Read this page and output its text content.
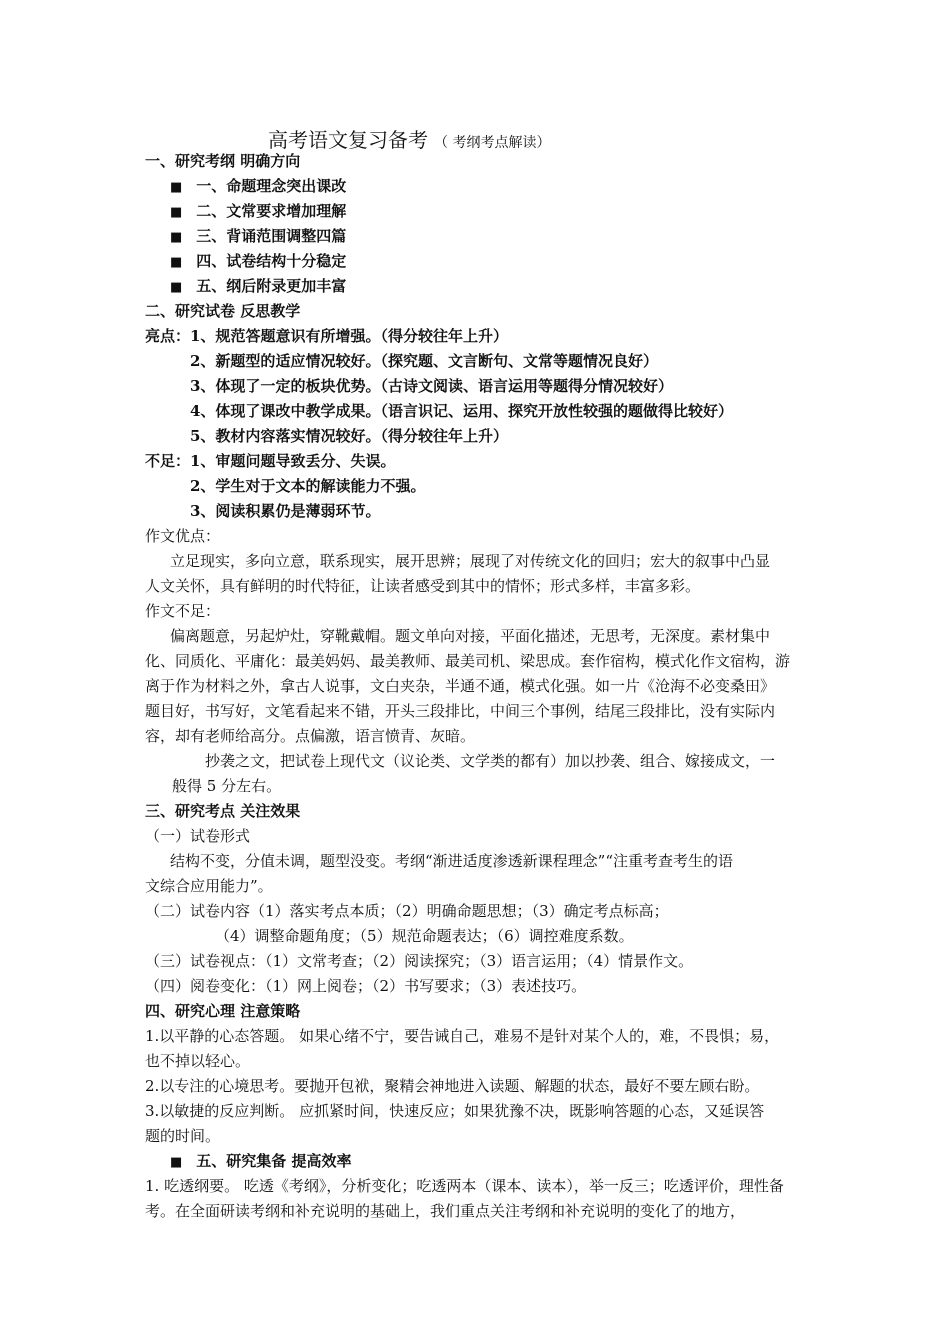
高考语文复习备考 （ 考纲考点解读）
一、研究考纲 明确方向
■ 一、命题理念突出课改
■ 二、文常要求增加理解
■ 三、背诵范围调整四篇
■ 四、试卷结构十分稳定
■ 五、纲后附录更加丰富
二、研究试卷 反思教学
亮点：1、规范答题意识有所增强。（得分较往年上升）
2、新题型的适应情况较好。（探究题、文言断句、文常等题情况良好）
3、体现了一定的板块优势。（古诗文阅读、语言运用等题得分情况较好）
4、体现了课改中教学成果。（语言识记、运用、探究开放性较强的题做得比较好）
5、教材内容落实情况较好。（得分较往年上升）
不足：1、审题问题导致丢分、失误。
2、学生对于文本的解读能力不强。
3、阅读积累仍是薄弱环节。
作文优点：
立足现实，多向立意，联系现实，展开思辨；展现了对传统文化的回归；宏大的叙事中凸显
人文关怀，具有鲜明的时代特征，让读者感受到其中的情怀；形式多样，丰富多彩。
作文不足：
偏离题意，另起炉灶，穿靴戴帽。题文单向对接，平面化描述，无思考，无深度。素材集中
化、同质化、平庸化：最美妈妈、最美教师、最美司机、梁思成。套作宿构，模式化作文宿构，游
离于作为材料之外，拿古人说事，文白夹杂，半通不通，模式化强。如一片《沧海不必变桑田》
题目好，书写好，文笔看起来不错，开头三段排比，中间三个事例，结尾三段排比，没有实际内
容，却有老师给高分。点偏激，语言愤青、灰暗。
抄袭之文，把试卷上现代文（议论类、文学类的都有）加以抄袭、组合、嫁接成文，一
般得 5 分左右。
三、研究考点 关注效果
（一）试卷形式
结构不变，分值未调，题型没变。考纲“渐进适度渗透新课程理念”“注重考查考生的语
文综合应用能力”。
（二）试卷内容（1）落实考点本质；（2）明确命题思想；（3）确定考点标高；
（4）调整命题角度；（5）规范命题表达；（6）调控难度系数。
（三）试卷视点：（1）文常考查；（2）阅读探究；（3）语言运用；（4）情景作文。
（四）阅卷变化：（1）网上阅卷；（2）书写要求；（3）表述技巧。
四、研究心理 注意策略
1.以平静的心态答题。 如果心绪不宁，要告诫自己，难易不是针对某个人的，难，不畏惧；易，
也不掉以轻心。
2.以专注的心境思考。要抛开包袱，聚精会神地进入读题、解题的状态，最好不要左顾右盼。
3.以敏捷的反应判断。 应抓紧时间，快速反应；如果犹豫不决，既影响答题的心态，又延误答
题的时间。
■ 五、研究集备 提高效率
1. 吃透纲要。 吃透《考纲》，分析变化；吃透两本（课本、读本），举一反三；吃透评价，理性备
考。在全面研读考纲和补充说明的基础上，我们重点关注考纲和补充说明的变化了的地方，
